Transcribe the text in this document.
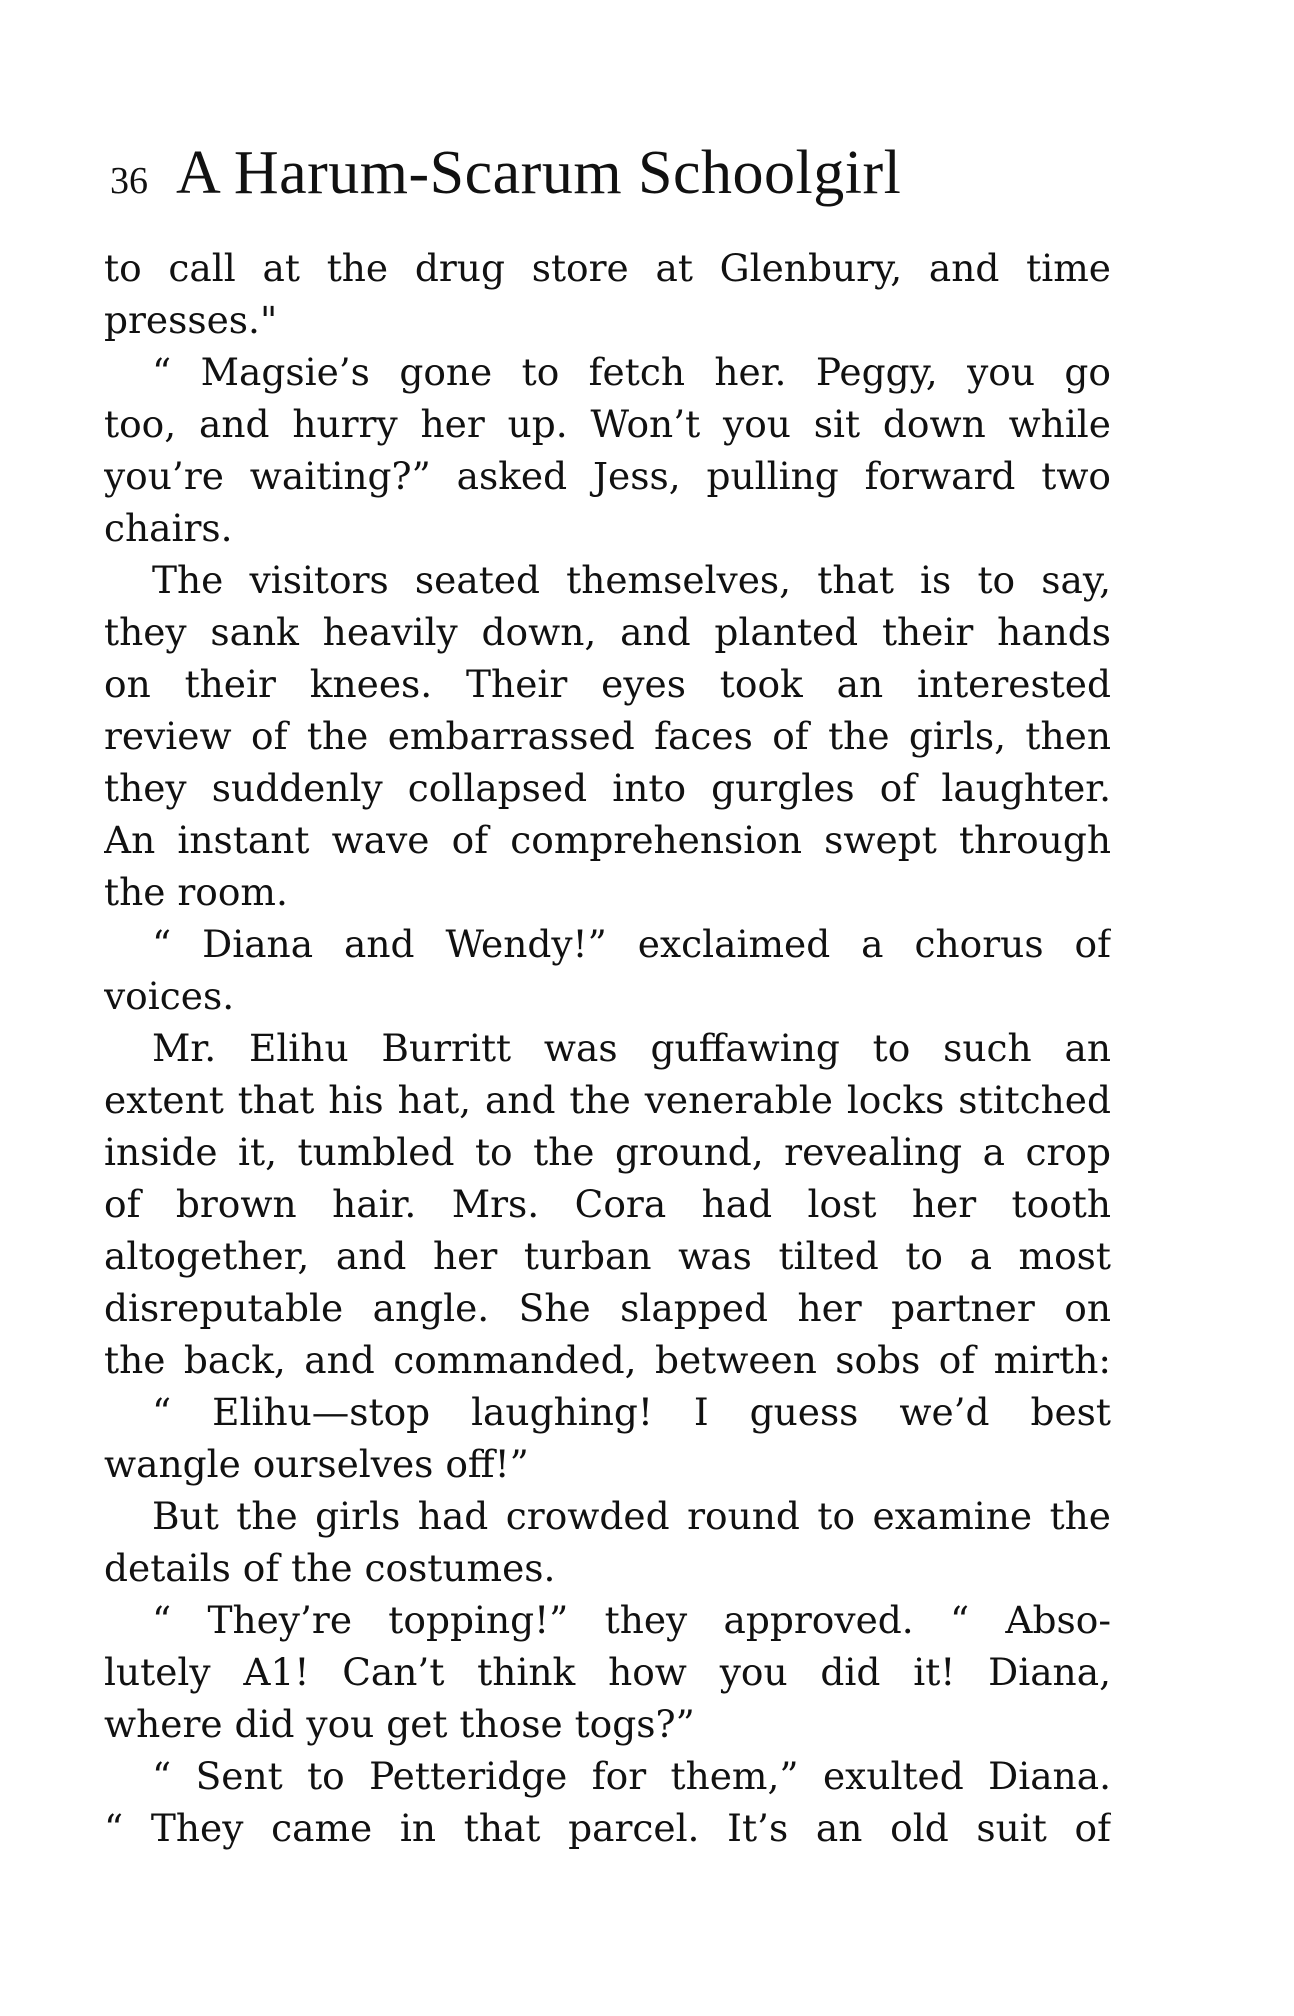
36 A Harum-Scarum Schoolgirl
to call at the drug store at Glenbury, and time
presses."
“ Magsie’s gone to fetch her. Peggy, you go
too, and hurry her up. Won’t you sit down while
you’re waiting?” asked Jess, pulling forward two
chairs.
The visitors seated themselves, that is to say,
they sank heavily down, and planted their hands
on their knees. Their eyes took an interested
review of the embarrassed faces of the girls, then
they suddenly collapsed into gurgles of laughter.
An instant wave of comprehension swept through
the room.
“ Diana and Wendy!” exclaimed a chorus of
voices.
Mr. Elihu Burritt was guffawing to such an
extent that his hat, and the venerable locks stitched
inside it, tumbled to the ground, revealing a crop
of brown hair. Mrs. Cora had lost her tooth
altogether, and her turban was tilted to a most
disreputable angle. She slapped her partner on
the back, and commanded, between sobs of mirth:
“ Elihu—stop laughing! I guess we’d best
wangle ourselves off!”
But the girls had crowded round to examine the
details of the costumes.
“ They’re topping!” they approved. “ Abso-
lutely A1! Can’t think how you did it! Diana,
where did you get those togs?”
“ Sent to Petteridge for them,” exulted Diana.
“ They came in that parcel. It’s an old suit of
